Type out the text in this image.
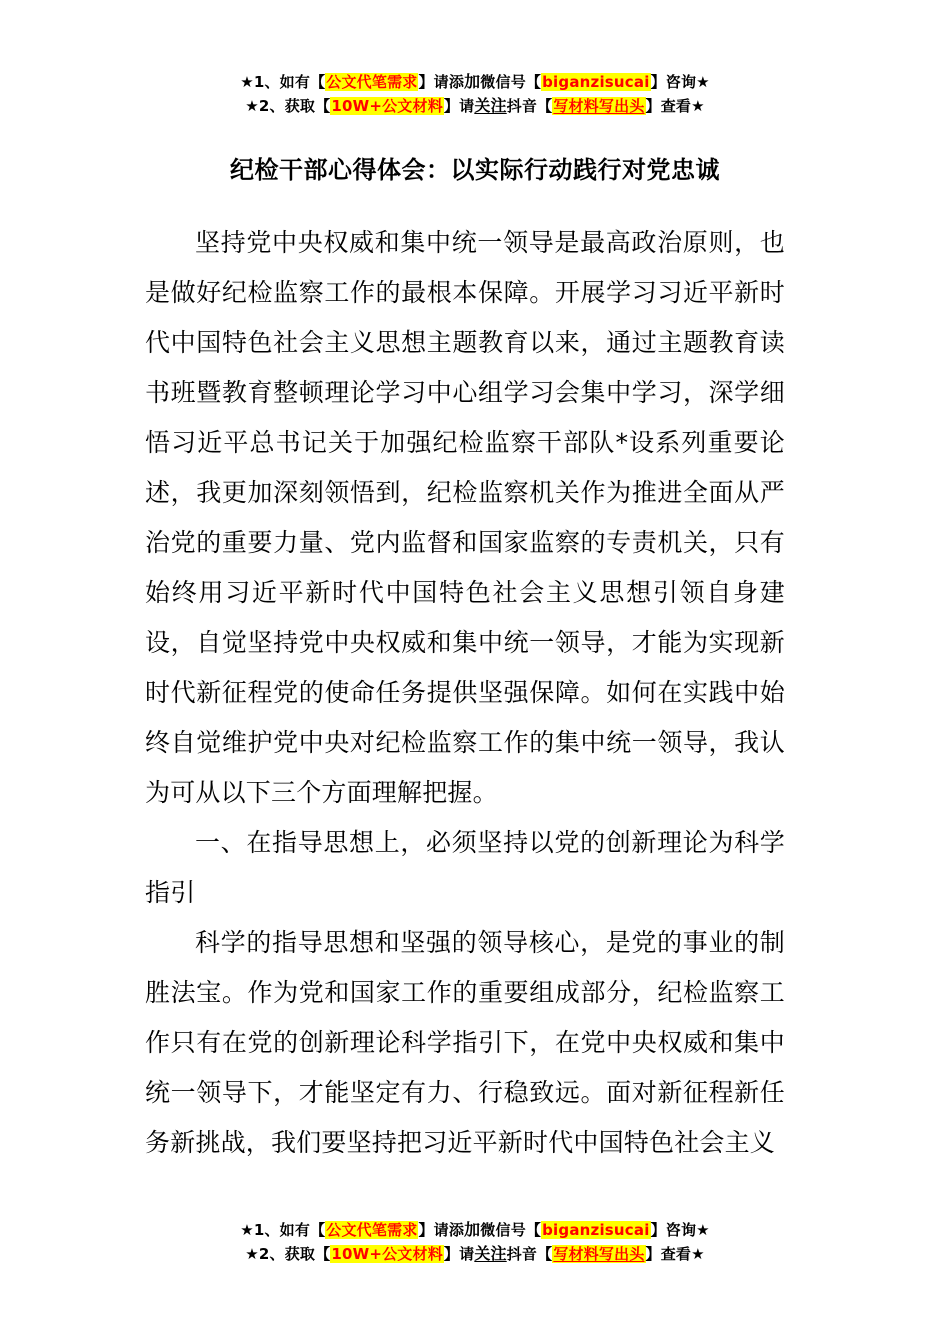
★1、如有【公文代笔需求】请添加微信号【biganzisucai】咨询★
★2、获取【10W+公文材料】请关注抖音【写材料写出头】查看★
纪检干部心得体会：以实际行动践行对党忠诚

坚持党中央权威和集中统一领导是最高政治原则，也是做好纪检监察工作的最根本保障。开展学习习近平新时代中国特色社会主义思想主题教育以来，通过主题教育读书班暨教育整顿理论学习中心组学习会集中学习，深学细悟习近平总书记关于加强纪检监察干部队*设系列重要论述，我更加深刻领悟到，纪检监察机关作为推进全面从严治党的重要力量、党内监督和国家监察的专责机关，只有始终用习近平新时代中国特色社会主义思想引领自身建设，自觉坚持党中央权威和集中统一领导，才能为实现新时代新征程党的使命任务提供坚强保障。如何在实践中始终自觉维护党中央对纪检监察工作的集中统一领导，我认为可从以下三个方面理解把握。

一、在指导思想上，必须坚持以党的创新理论为科学指引

科学的指导思想和坚强的领导核心，是党的事业的制胜法宝。作为党和国家工作的重要组成部分，纪检监察工作只有在党的创新理论科学指引下，在党中央权威和集中统一领导下，才能坚定有力、行稳致远。面对新征程新任务新挑战，我们要坚持把习近平新时代中国特色社会主义

★1、如有【公文代笔需求】请添加微信号【biganzisucai】咨询★
★2、获取【10W+公文材料】请关注抖音【写材料写出头】查看★
